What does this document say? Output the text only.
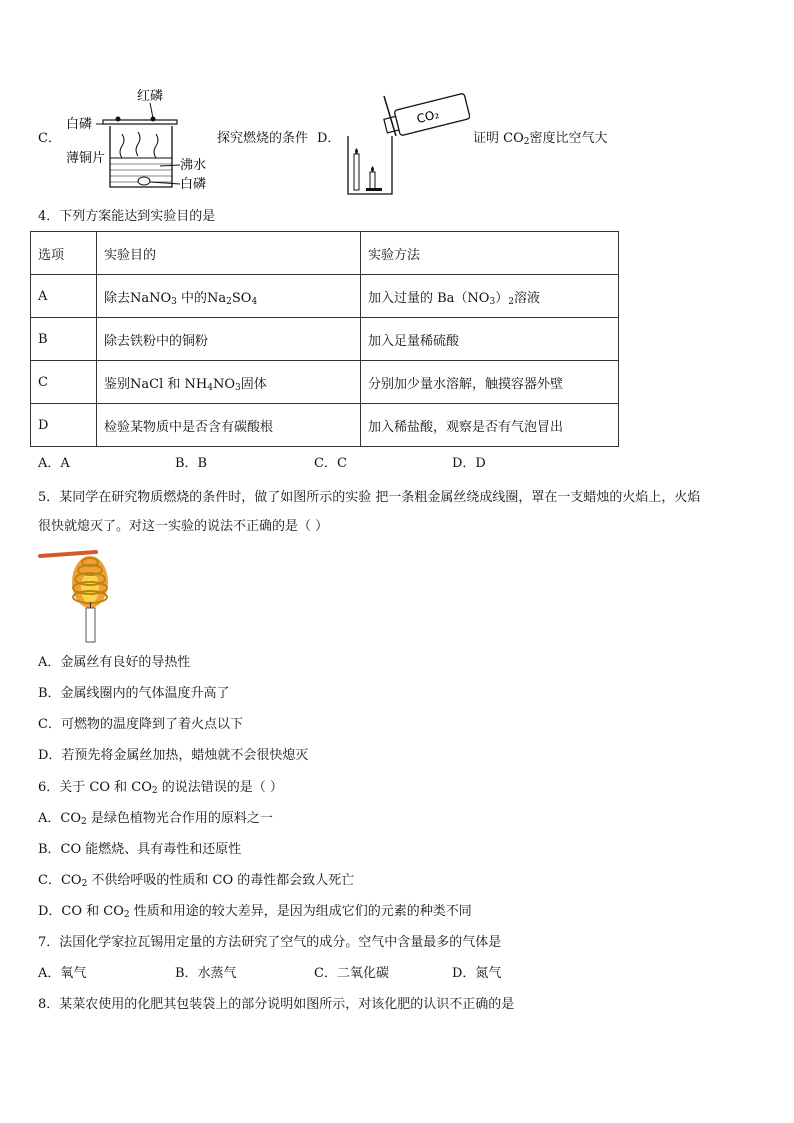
C．
红磷
白磷
薄铜片	沸水
白磷
探究燃烧的条件 D．
CO₂
证明 $CO_2$密度比空气大
4．下列方案能达到实验目的是
选项	实验目的	实验方法
A	除去NaNO$_3$ 中的$Na_2SO_4$	加入过量的 $Ba(NO_3)_2$溶液
B	除去铁粉中的铜粉	加入足量稀硫酸
C	鉴别NaCl 和 $NH_4NO_3$固体	分别加少量水溶解，触摸容器外壁
D	检验某物质中是否含有碳酸根	加入稀盐酸，观察是否有气泡冒出
A．A	B．B	C．C	D．D
5．某同学在研究物质燃烧的条件时，做了如图所示的实验 把一条粗金属丝绕成线圈，罩在一支蜡烛的火焰上，火焰
很快就熄灭了。对这一实验的说法不正确的是（ ）
A．金属丝有良好的导热性
B．金属线圈内的气体温度升高了
C．可燃物的温度降到了着火点以下
D．若预先将金属丝加热，蜡烛就不会很快熄灭
6．关于 CO 和 $CO_2$ 的说法错误的是（ ）
A．$CO_2$ 是绿色植物光合作用的原料之一
B．CO 能燃烧、具有毒性和还原性
C．$CO_2$ 不供给呼吸的性质和 CO 的毒性都会致人死亡
D．CO 和 $CO_2$ 性质和用途的较大差异，是因为组成它们的元素的种类不同
7．法国化学家拉瓦锡用定量的方法研究了空气的成分。空气中含量最多的气体是
A．氧气	B．水蒸气	C．二氧化碳	D．氮气
8．某菜农使用的化肥其包装袋上的部分说明如图所示，对该化肥的认识不正确的是
